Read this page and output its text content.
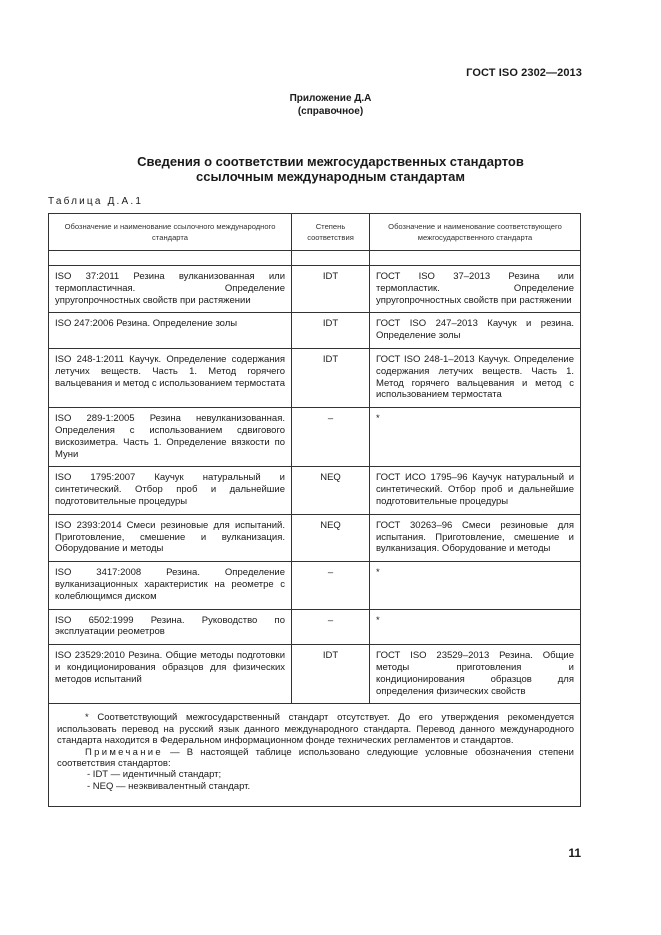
ГОСТ ISO 2302—2013
Приложение Д.А
(справочное)
Сведения о соответствии межгосударственных стандартов
ссылочным международным стандартам
Таблица Д.А.1
Обозначение и наименование ссылочного международного стандарта	Степень соответствия	Обозначение и наименование соответствующего межгосударственного стандарта

ISO 37:2011 Резина вулканизованная или термопластичная. Определение упругопрочностных свойств при растяжении	IDT	ГОСТ ISO 37–2013 Резина или термопластик. Определение упругопрочностных свойств при растяжении
ISO 247:2006 Резина. Определение золы	IDT	ГОСТ ISO 247–2013 Каучук и резина. Определение золы
ISO 248-1:2011 Каучук. Определение содержания летучих веществ. Часть 1. Метод горячего вальцевания и метод с использованием термостата	IDT	ГОСТ ISO 248-1–2013 Каучук. Определение содержания летучих веществ. Часть 1. Метод горячего вальцевания и метод с использованием термостата
ISO 289-1:2005 Резина невулканизованная. Определения с использованием сдвигового вискозиметра. Часть 1. Определение вязкости по Муни	–	*
ISO 1795:2007 Каучук натуральный и синтетический. Отбор проб и дальнейшие подготовительные процедуры	NEQ	ГОСТ ИСО 1795–96 Каучук натуральный и синтетический. Отбор проб и дальнейшие подготовительные процедуры
ISO 2393:2014 Смеси резиновые для испытаний. Приготовление, смешение и вулканизация. Оборудование и методы	NEQ	ГОСТ 30263–96 Смеси резиновые для испытания. Приготовление, смешение и вулканизация. Оборудование и методы
ISO 3417:2008 Резина. Определение вулканизационных характеристик на реометре с колеблющимся диском	–	*
ISO 6502:1999 Резина. Руководство по эксплуатации реометров	–	*
ISO 23529:2010 Резина. Общие методы подготовки и кондиционирования образцов для физических методов испытаний	IDT	ГОСТ ISO 23529–2013 Резина. Общие методы приготовления и кондиционирования образцов для определения физических свойств

* Соответствующий межгосударственный стандарт отсутствует. До его утверждения рекомендуется использовать перевод на русский язык данного международного стандарта. Перевод данного международного стандарта находится в Федеральном информационном фонде технических регламентов и стандартов.
Примечание — В настоящей таблице использовано следующие условные обозначения степени соответствия стандартов:
- IDT — идентичный стандарт;
- NEQ — неэквивалентный стандарт.		
11
